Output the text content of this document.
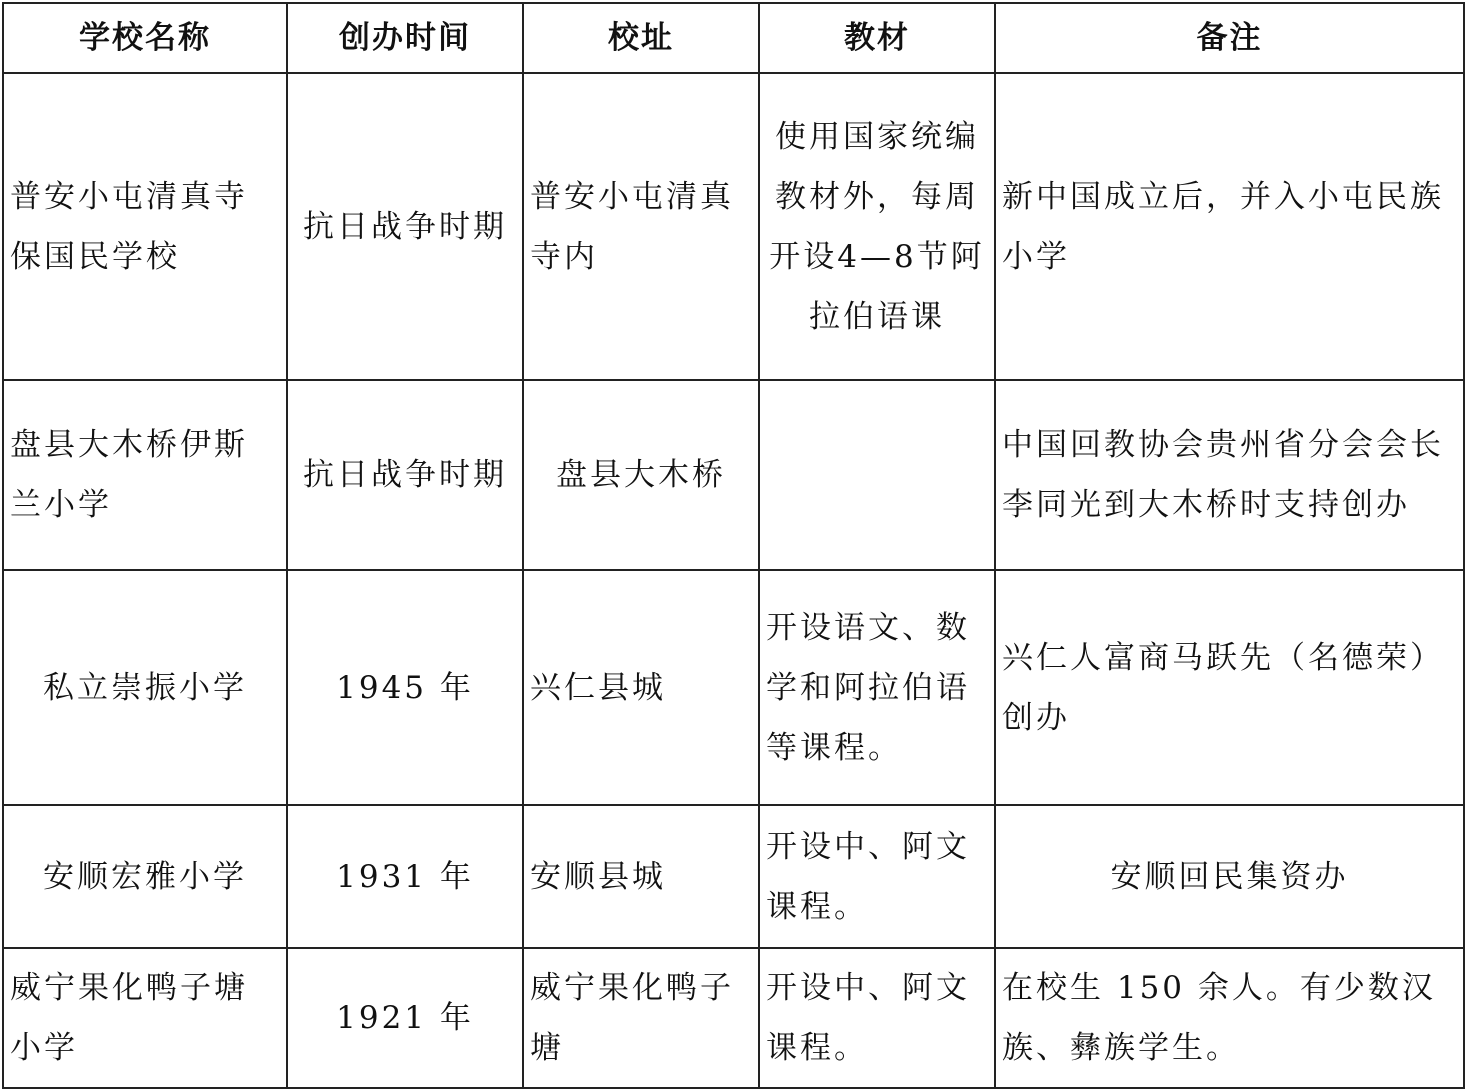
学校名称	创办时间	校址	教材	备注
普安小屯清真寺保国民学校	抗日战争时期	普安小屯清真寺内	使用国家统编教材外，每周开设4—8节阿拉伯语课	新中国成立后，并入小屯民族小学
盘县大木桥伊斯兰小学	抗日战争时期	盘县大木桥		中国回教协会贵州省分会会长李同光到大木桥时支持创办
私立崇振小学	1945 年	兴仁县城	开设语文、数学和阿拉伯语等课程。	兴仁人富商马跃先（名德荣）创办
安顺宏雅小学	1931 年	安顺县城	开设中、阿文课程。	安顺回民集资办
威宁果化鸭子塘小学	1921 年	威宁果化鸭子塘	开设中、阿文课程。	在校生 150 余人。有少数汉族、彝族学生。
